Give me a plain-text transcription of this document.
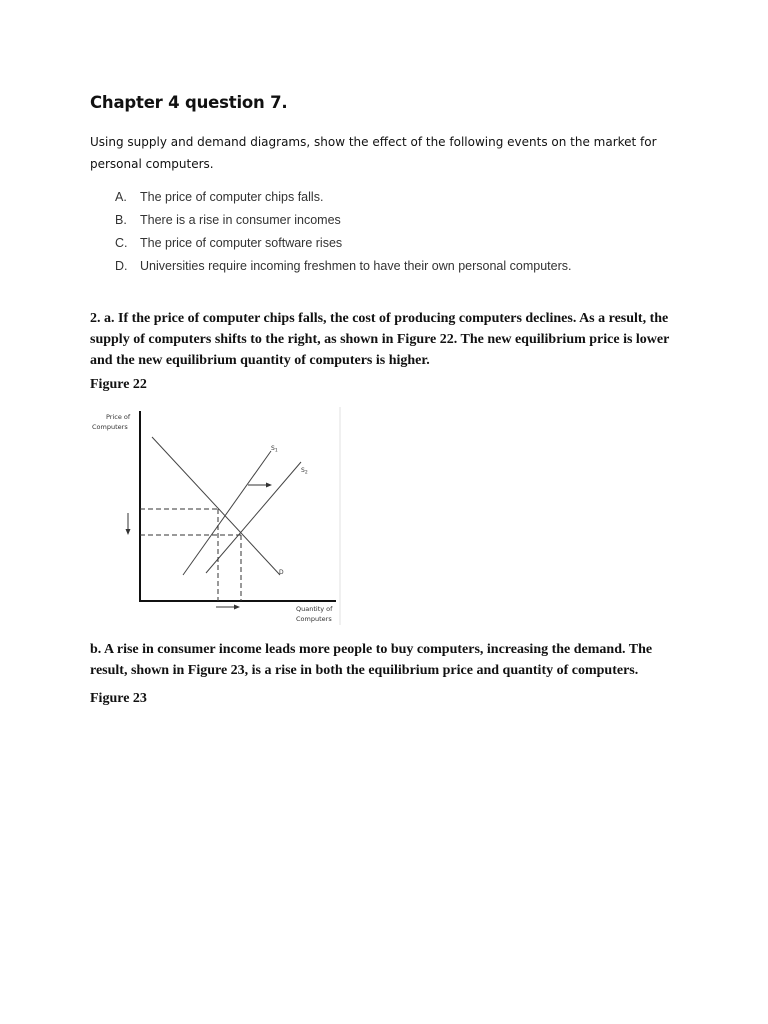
Chapter 4 question 7.

Using supply and demand diagrams, show the effect of the following events on the market for personal computers.

A. The price of computer chips falls.
B. There is a rise in consumer incomes
C. The price of computer software rises
D. Universities require incoming freshmen to have their own personal computers.

2. a. If the price of computer chips falls, the cost of producing computers declines. As a result, the supply of computers shifts to the right, as shown in Figure 22. The new equilibrium price is lower and the new equilibrium quantity of computers is higher.

Figure 22

Price of
Computers
Quantity of
Computers
D
$S_1$
$S_2$

b. A rise in consumer income leads more people to buy computers, increasing the demand. The result, shown in Figure 23, is a rise in both the equilibrium price and quantity of computers.

Figure 23
